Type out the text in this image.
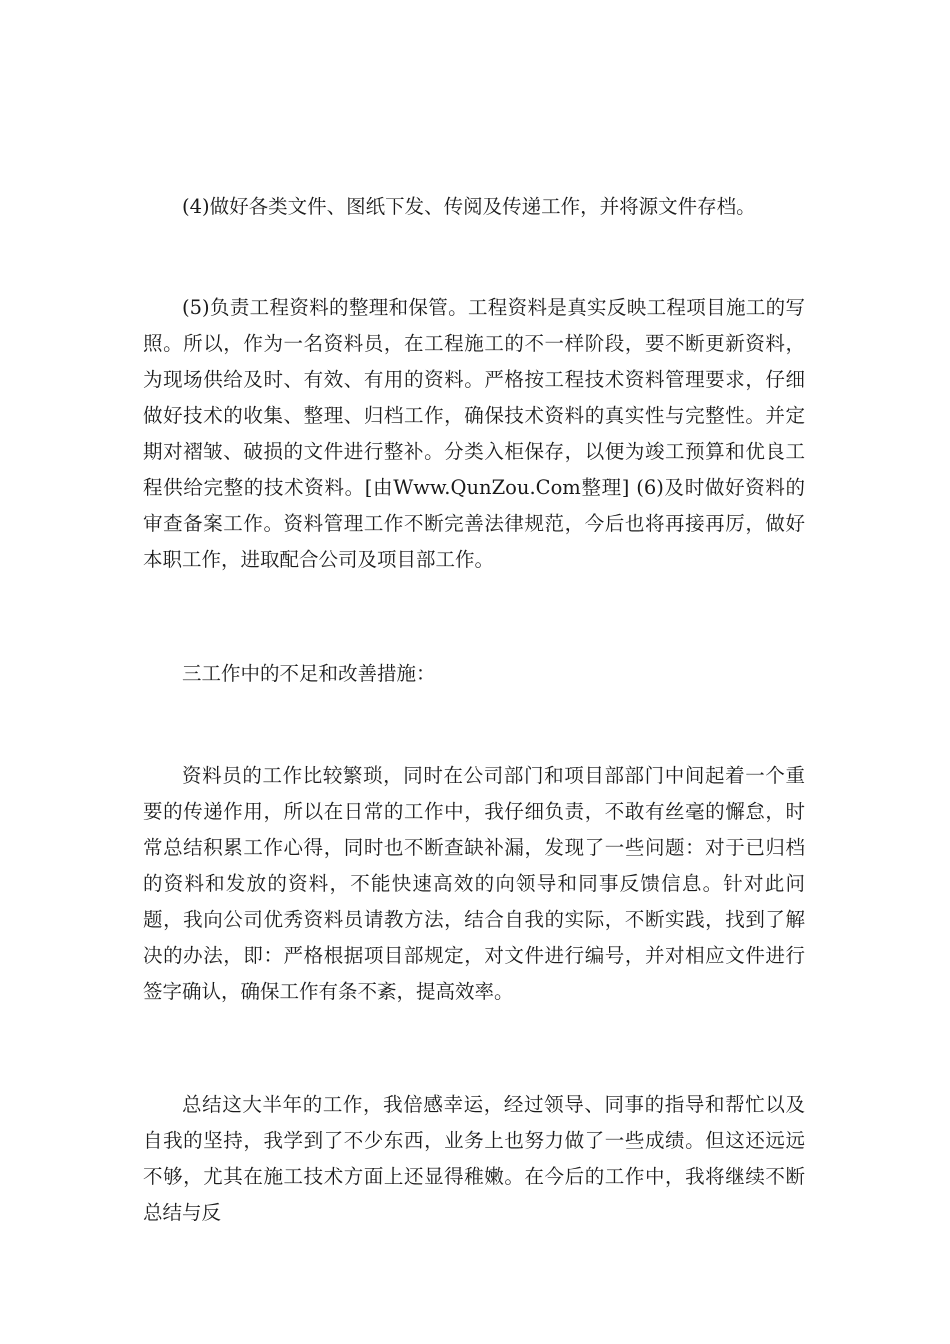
(4)做好各类文件、图纸下发、传阅及传递工作，并将源文件存档。

(5)负责工程资料的整理和保管。工程资料是真实反映工程项目施工的写照。所以，作为一名资料员，在工程施工的不一样阶段，要不断更新资料，为现场供给及时、有效、有用的资料。严格按工程技术资料管理要求，仔细做好技术的收集、整理、归档工作，确保技术资料的真实性与完整性。并定期对褶皱、破损的文件进行整补。分类入柜保存，以便为竣工预算和优良工程供给完整的技术资料。[由Www.QunZou.Com整理] (6)及时做好资料的审查备案工作。资料管理工作不断完善法律规范，今后也将再接再厉，做好本职工作，进取配合公司及项目部工作。

三工作中的不足和改善措施：

资料员的工作比较繁琐，同时在公司部门和项目部部门中间起着一个重要的传递作用，所以在日常的工作中，我仔细负责，不敢有丝毫的懈怠，时常总结积累工作心得，同时也不断查缺补漏，发现了一些问题：对于已归档的资料和发放的资料，不能快速高效的向领导和同事反馈信息。针对此问题，我向公司优秀资料员请教方法，结合自我的实际，不断实践，找到了解决的办法，即：严格根据项目部规定，对文件进行编号，并对相应文件进行签字确认，确保工作有条不紊，提高效率。

总结这大半年的工作，我倍感幸运，经过领导、同事的指导和帮忙以及自我的坚持，我学到了不少东西，业务上也努力做了一些成绩。但这还远远不够，尤其在施工技术方面上还显得稚嫩。在今后的工作中，我将继续不断总结与反
